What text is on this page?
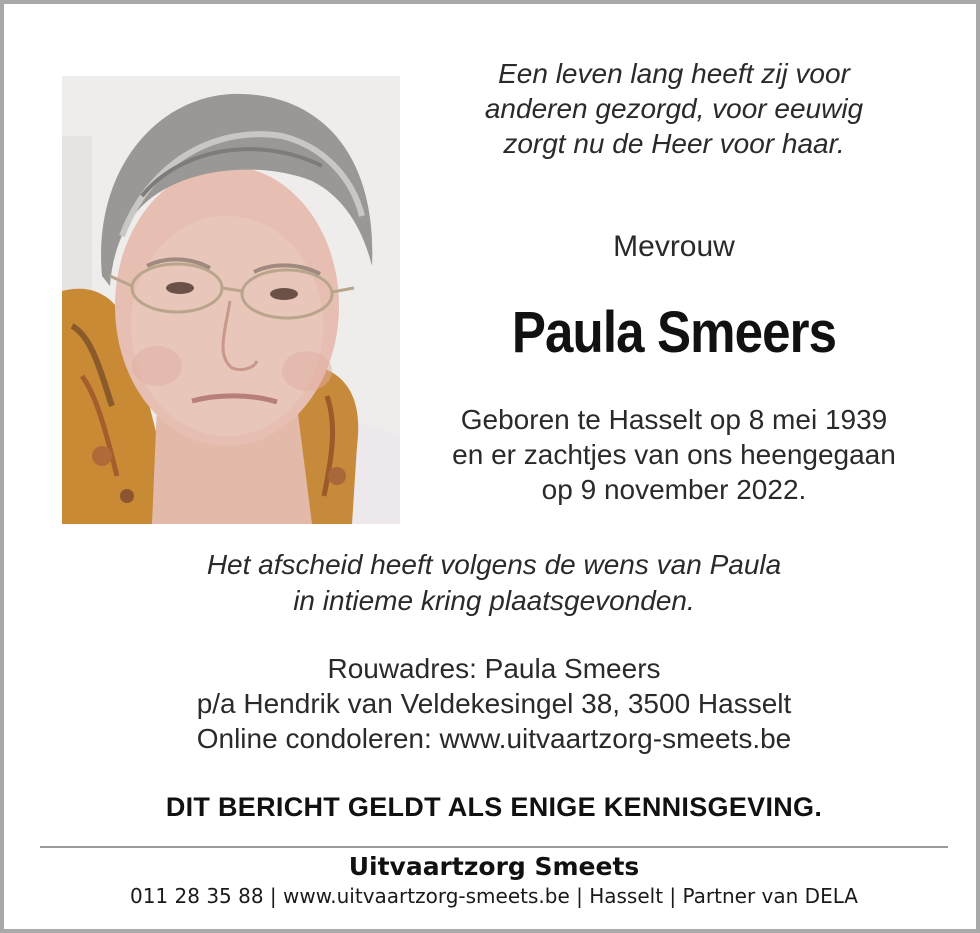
Een leven lang heeft zij voor
anderen gezorgd, voor eeuwig
zorgt nu de Heer voor haar.
Mevrouw
Paula Smeers
Geboren te Hasselt op 8 mei 1939
en er zachtjes van ons heengegaan
op 9 november 2022.
Het afscheid heeft volgens de wens van Paula
in intieme kring plaatsgevonden.
Rouwadres: Paula Smeers
p/a Hendrik van Veldekesingel 38, 3500 Hasselt
Online condoleren: www.uitvaartzorg-smeets.be
DIT BERICHT GELDT ALS ENIGE KENNISGEVING.
Uitvaartzorg Smeets
011 28 35 88 | www.uitvaartzorg-smeets.be | Hasselt | Partner van DELA
